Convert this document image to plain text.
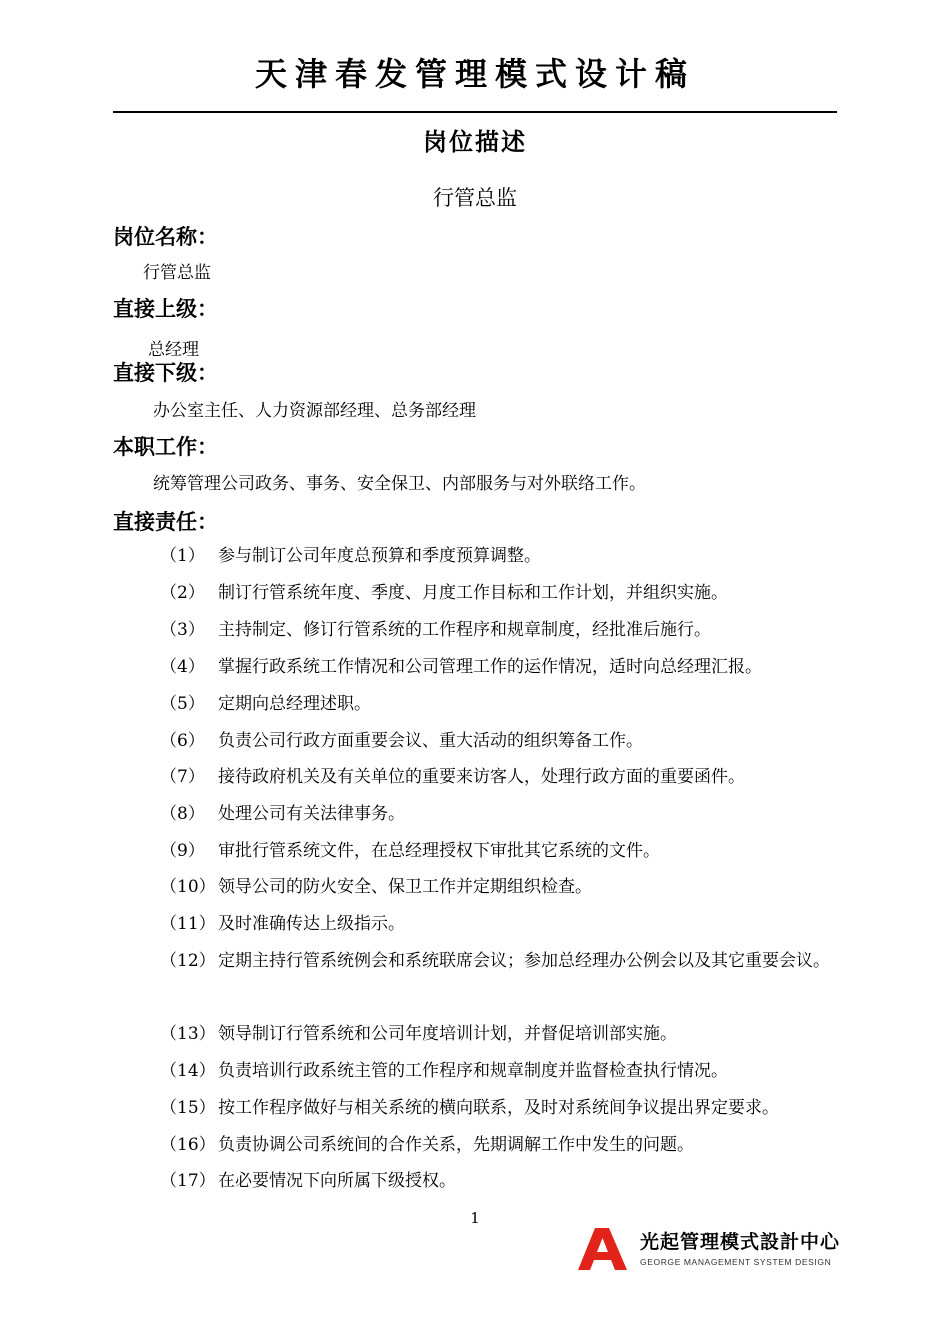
天津春发管理模式设计稿
岗位描述
行管总监
岗位名称：
行管总监
直接上级：
总经理
直接下级：
办公室主任、人力资源部经理、总务部经理
本职工作：
统筹管理公司政务、事务、安全保卫、内部服务与对外联络工作。
直接责任：
（1） 参与制订公司年度总预算和季度预算调整。
（2） 制订行管系统年度、季度、月度工作目标和工作计划，并组织实施。
（3） 主持制定、修订行管系统的工作程序和规章制度，经批准后施行。
（4） 掌握行政系统工作情况和公司管理工作的运作情况，适时向总经理汇报。
（5） 定期向总经理述职。
（6） 负责公司行政方面重要会议、重大活动的组织筹备工作。
（7） 接待政府机关及有关单位的重要来访客人，处理行政方面的重要函件。
（8） 处理公司有关法律事务。
（9） 审批行管系统文件，在总经理授权下审批其它系统的文件。
（10） 领导公司的防火安全、保卫工作并定期组织检查。
（11） 及时准确传达上级指示。
（12） 定期主持行管系统例会和系统联席会议；参加总经理办公例会以及其它重要会议。
（13） 领导制订行管系统和公司年度培训计划，并督促培训部实施。
（14） 负责培训行政系统主管的工作程序和规章制度并监督检查执行情况。
（15） 按工作程序做好与相关系统的横向联系，及时对系统间争议提出界定要求。
（16） 负责协调公司系统间的合作关系，先期调解工作中发生的问题。
（17） 在必要情况下向所属下级授权。
1
光起管理模式設計中心
GEORGE MANAGEMENT SYSTEM DESIGN
